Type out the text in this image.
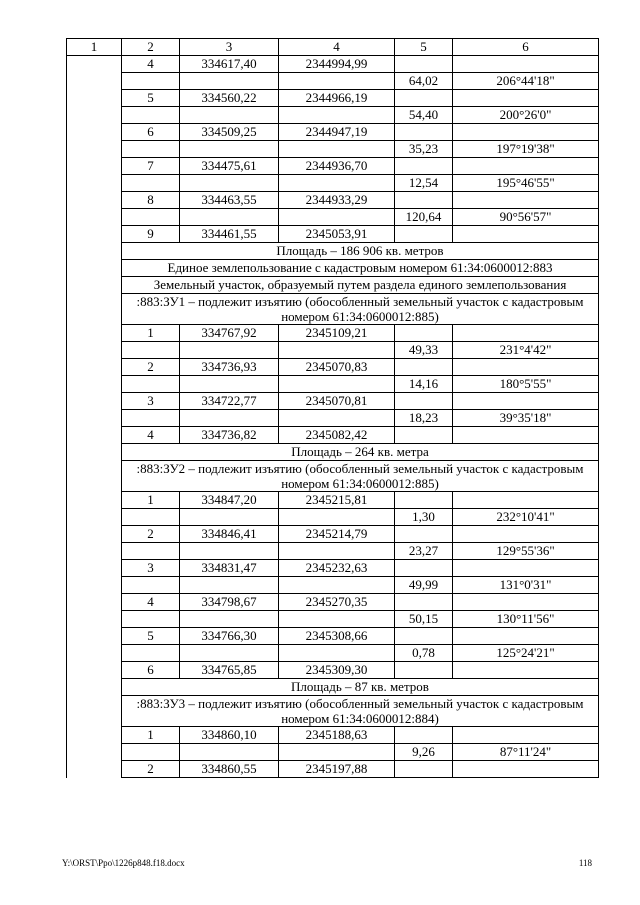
1	2	3	4	5	6
	4	334617,40	2344994,99		
				64,02	206°44'18"
	5	334560,22	2344966,19		
				54,40	200°26'0"
	6	334509,25	2344947,19		
				35,23	197°19'38"
	7	334475,61	2344936,70		
				12,54	195°46'55"
	8	334463,55	2344933,29		
				120,64	90°56'57"
	9	334461,55	2345053,91		
	Площадь – 186 906 кв. метров				
	Единое землепользование с кадастровым номером 61:34:0600012:883				
	Земельный участок, образуемый путем раздела единого землепользования				
	:883:ЗУ1 – подлежит изъятию (обособленный земельный участок с кадастровым номером 61:34:0600012:885)				
	1	334767,92	2345109,21		
				49,33	231°4'42"
	2	334736,93	2345070,83		
				14,16	180°5'55"
	3	334722,77	2345070,81		
				18,23	39°35'18"
	4	334736,82	2345082,42		
	Площадь – 264 кв. метра				
	:883:ЗУ2 – подлежит изъятию (обособленный земельный участок с кадастровым номером 61:34:0600012:885)				
	1	334847,20	2345215,81		
				1,30	232°10'41"
	2	334846,41	2345214,79		
				23,27	129°55'36"
	3	334831,47	2345232,63		
				49,99	131°0'31"
	4	334798,67	2345270,35		
				50,15	130°11'56"
	5	334766,30	2345308,66		
				0,78	125°24'21"
	6	334765,85	2345309,30		
	Площадь – 87 кв. метров				
	:883:ЗУ3 – подлежит изъятию (обособленный земельный участок с кадастровым номером 61:34:0600012:884)				
	1	334860,10	2345188,63		
				9,26	87°11'24"
	2	334860,55	2345197,88		
Y:\ORST\Ppo\1226p848.f18.docx	118
